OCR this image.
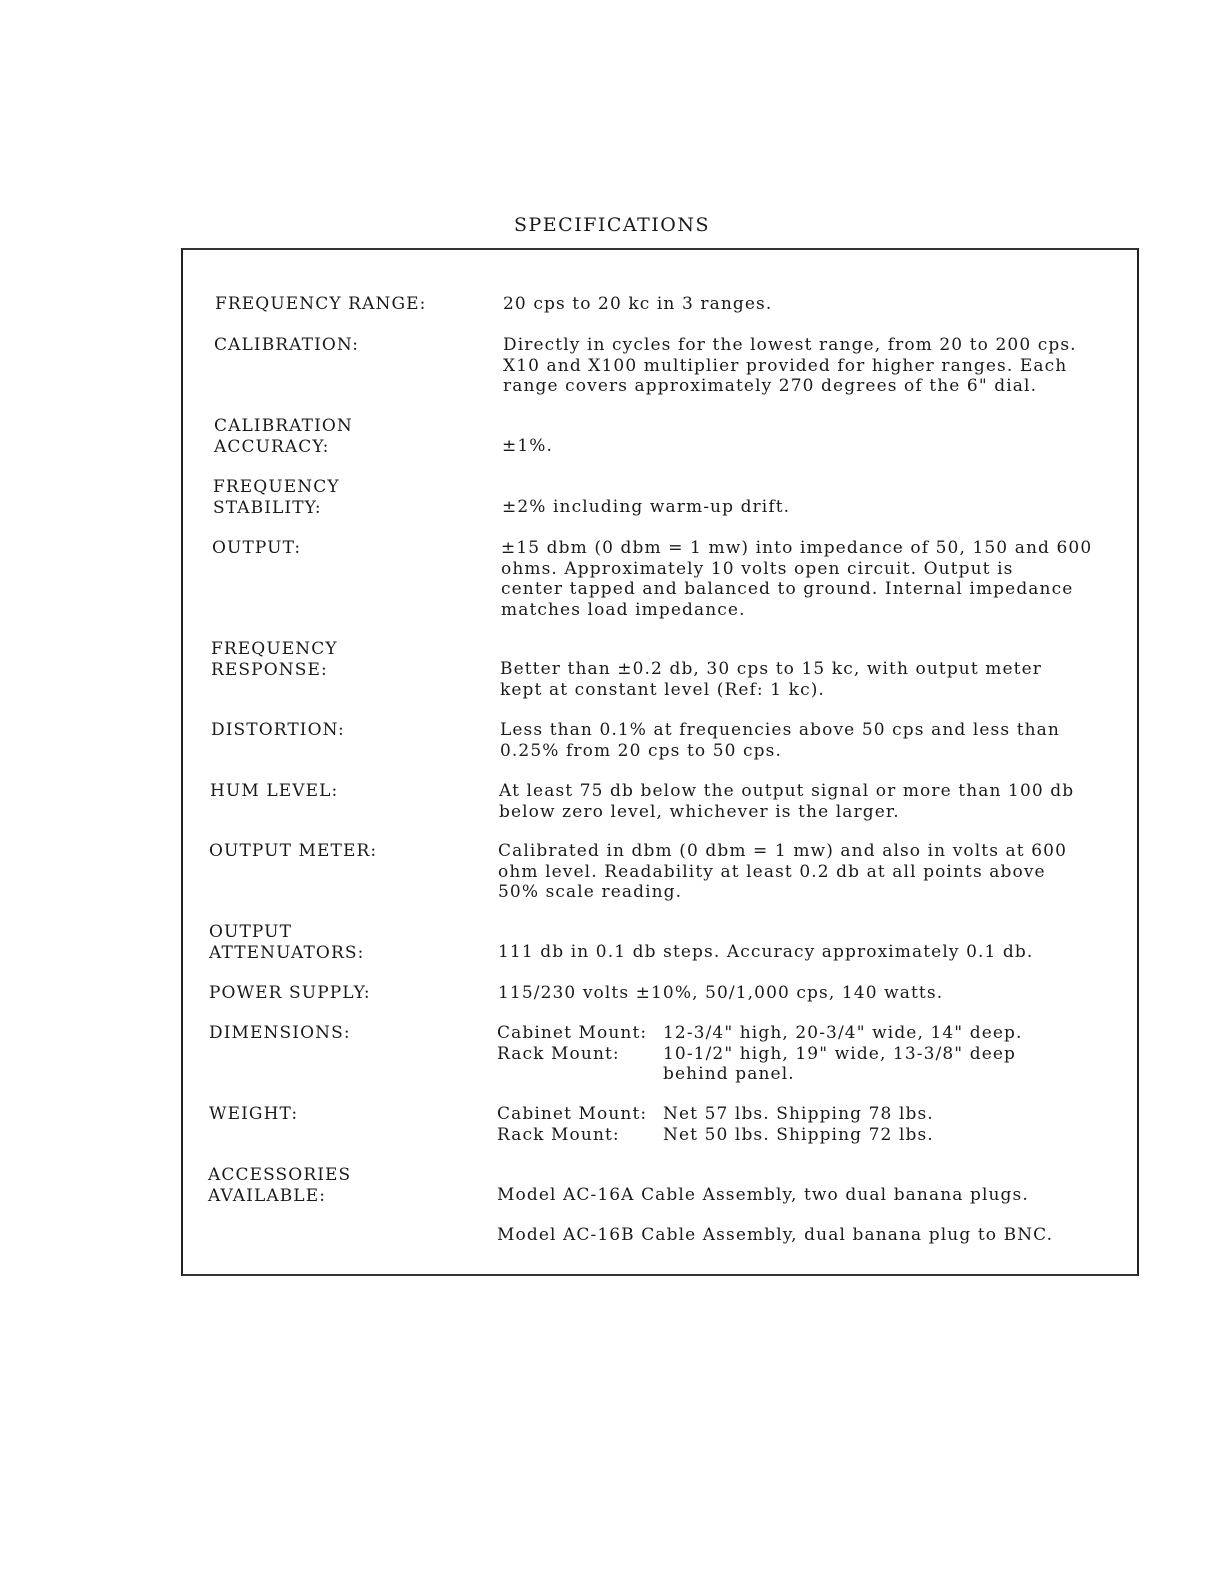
SPECIFICATIONS
FREQUENCY RANGE:	20 cps to 20 kc in 3 ranges.
CALIBRATION:	Directly in cycles for the lowest range, from 20 to 200 cps.
X10 and X100 multiplier provided for higher ranges. Each
range covers approximately 270 degrees of the 6" dial.
CALIBRATION
ACCURACY:	±1%.
FREQUENCY
STABILITY:	±2% including warm-up drift.
OUTPUT:	±15 dbm (0 dbm = 1 mw) into impedance of 50, 150 and 600
ohms. Approximately 10 volts open circuit. Output is
center tapped and balanced to ground. Internal impedance
matches load impedance.
FREQUENCY
RESPONSE:	Better than ±0.2 db, 30 cps to 15 kc, with output meter
kept at constant level (Ref: 1 kc).
DISTORTION:	Less than 0.1% at frequencies above 50 cps and less than
0.25% from 20 cps to 50 cps.
HUM LEVEL:	At least 75 db below the output signal or more than 100 db
below zero level, whichever is the larger.
OUTPUT METER:	Calibrated in dbm (0 dbm = 1 mw) and also in volts at 600
ohm level. Readability at least 0.2 db at all points above
50% scale reading.
OUTPUT
ATTENUATORS:	111 db in 0.1 db steps. Accuracy approximately 0.1 db.
POWER SUPPLY:	115/230 volts ±10%, 50/1,000 cps, 140 watts.
DIMENSIONS:	Cabinet Mount: 12-3/4" high, 20-3/4" wide, 14" deep.
Rack Mount:	10-1/2" high, 19" wide, 13-3/8" deep
behind panel.
WEIGHT:	Cabinet Mount: Net 57 lbs. Shipping 78 lbs.
Rack Mount:	Net 50 lbs. Shipping 72 lbs.
ACCESSORIES
AVAILABLE:	Model AC-16A Cable Assembly, two dual banana plugs.
Model AC-16B Cable Assembly, dual banana plug to BNC.
